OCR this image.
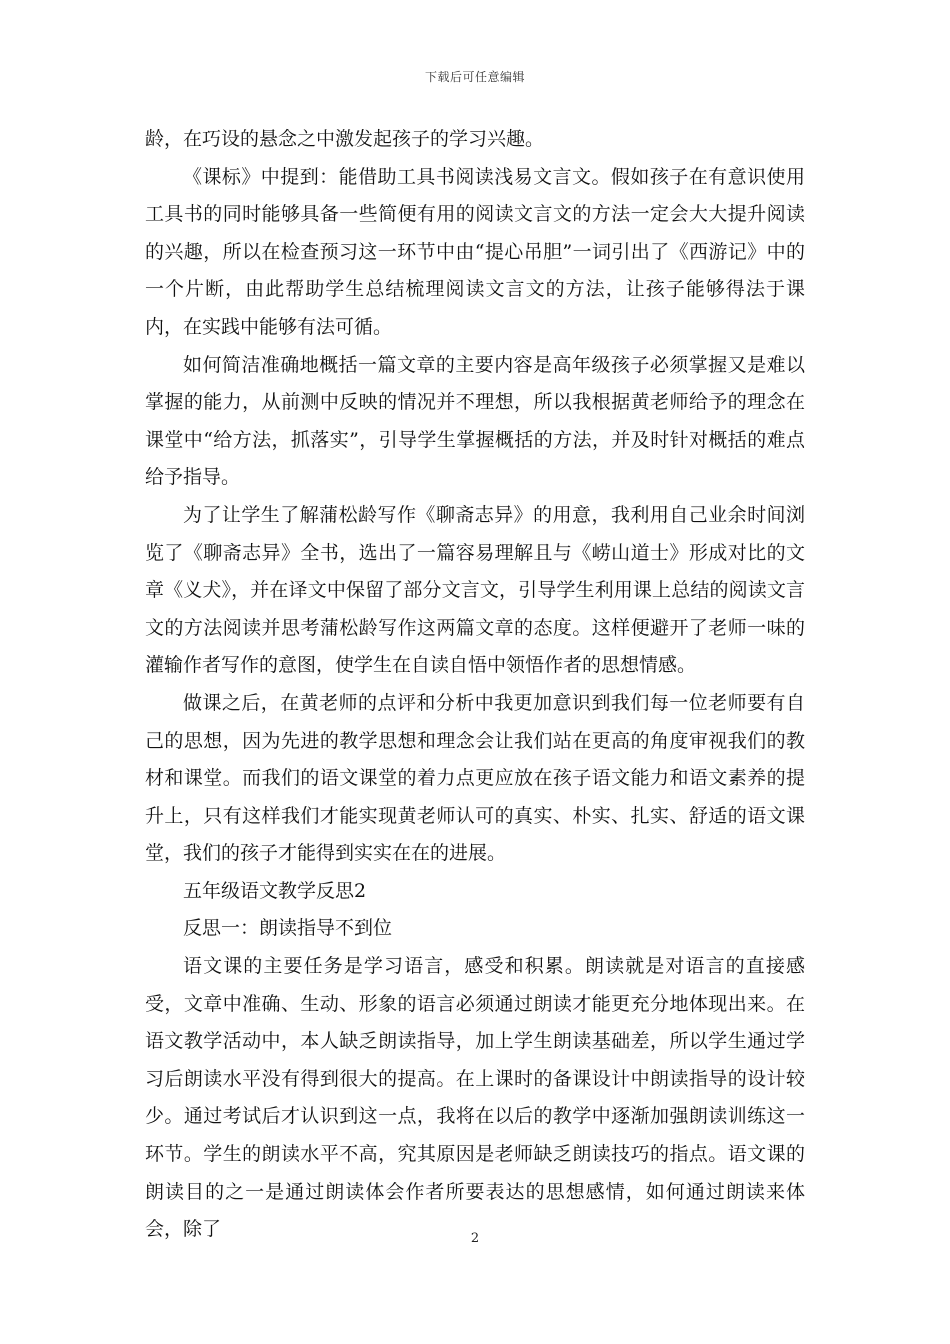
下载后可任意编辑

龄，在巧设的悬念之中激发起孩子的学习兴趣。

《课标》中提到：能借助工具书阅读浅易文言文。假如孩子在有意识使用工具书的同时能够具备一些简便有用的阅读文言文的方法一定会大大提升阅读的兴趣，所以在检查预习这一环节中由“提心吊胆”一词引出了《西游记》中的一个片断，由此帮助学生总结梳理阅读文言文的方法，让孩子能够得法于课内，在实践中能够有法可循。

如何简洁准确地概括一篇文章的主要内容是高年级孩子必须掌握又是难以掌握的能力，从前测中反映的情况并不理想，所以我根据黄老师给予的理念在课堂中“给方法，抓落实”，引导学生掌握概括的方法，并及时针对概括的难点给予指导。

为了让学生了解蒲松龄写作《聊斋志异》的用意，我利用自己业余时间浏览了《聊斋志异》全书，选出了一篇容易理解且与《崂山道士》形成对比的文章《义犬》，并在译文中保留了部分文言文，引导学生利用课上总结的阅读文言文的方法阅读并思考蒲松龄写作这两篇文章的态度。这样便避开了老师一味的灌输作者写作的意图，使学生在自读自悟中领悟作者的思想情感。

做课之后，在黄老师的点评和分析中我更加意识到我们每一位老师要有自己的思想，因为先进的教学思想和理念会让我们站在更高的角度审视我们的教材和课堂。而我们的语文课堂的着力点更应放在孩子语文能力和语文素养的提升上，只有这样我们才能实现黄老师认可的真实、朴实、扎实、舒适的语文课堂，我们的孩子才能得到实实在在的进展。

五年级语文教学反思2

反思一：朗读指导不到位

语文课的主要任务是学习语言，感受和积累。朗读就是对语言的直接感受，文章中准确、生动、形象的语言必须通过朗读才能更充分地体现出来。在语文教学活动中，本人缺乏朗读指导，加上学生朗读基础差，所以学生通过学习后朗读水平没有得到很大的提高。在上课时的备课设计中朗读指导的设计较少。通过考试后才认识到这一点，我将在以后的教学中逐渐加强朗读训练这一环节。学生的朗读水平不高，究其原因是老师缺乏朗读技巧的指点。语文课的朗读目的之一是通过朗读体会作者所要表达的思想感情，如何通过朗读来体会，除了	2
